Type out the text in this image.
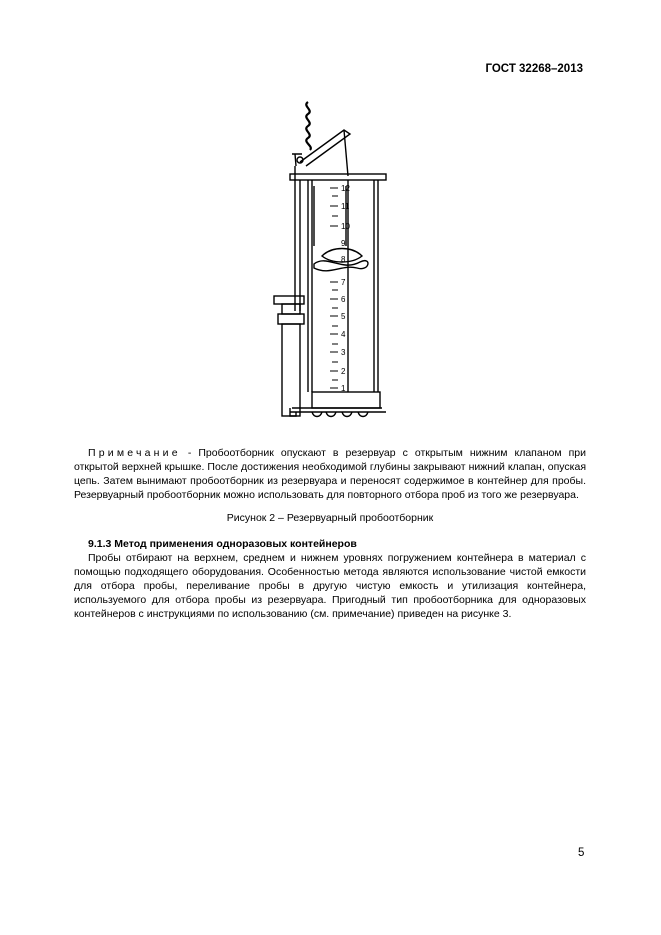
ГОСТ 32268–2013
12
11
10
9
8
7
6
5
4
3
2
1

Примечание - Пробоотборник опускают в резервуар с открытым нижним клапаном при открытой верхней крышке. После достижения необходимой глубины закрывают нижний клапан, опуская цепь. Затем вынимают пробоотборник из резервуара и переносят содержимое в контейнер для пробы. Резервуарный пробоотборник можно использовать для повторного отбора проб из того же резервуара.

Рисунок 2 – Резервуарный пробоотборник
9.1.3 Метод применения одноразовых контейнеров

Пробы отбирают на верхнем, среднем и нижнем уровнях погружением контейнера в материал с помощью подходящего оборудования. Особенностью метода являются использование чистой емкости для отбора пробы, переливание пробы в другую чистую емкость и утилизация контейнера, используемого для отбора пробы из резервуара. Пригодный тип пробоотборника для одноразовых контейнеров с инструкциями по использованию (см. примечание) приведен на рисунке 3.

5
